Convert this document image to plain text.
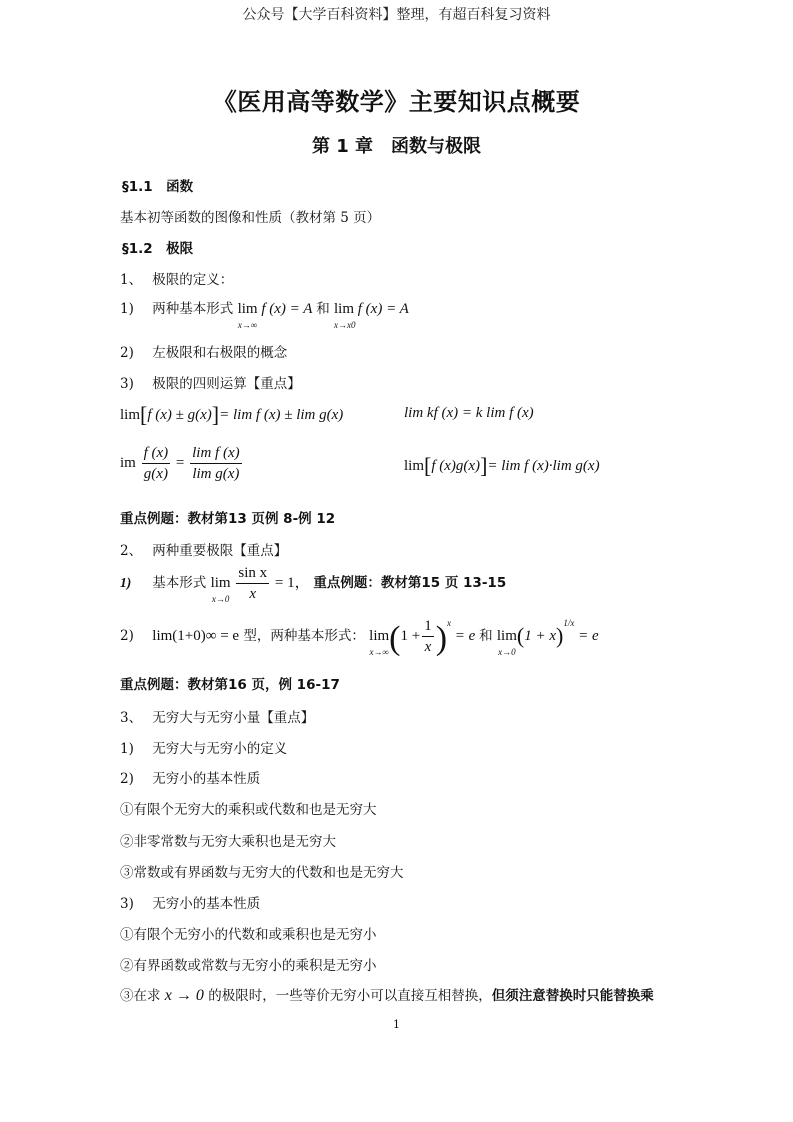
公众号【大学百科资料】整理，有超百科复习资料
《医用高等数学》主要知识点概要
第 1 章　函数与极限
§1.1　函数
基本初等函数的图像和性质（教材第 5 页）
§1.2　极限
1、 极限的定义：
1) 两种基本形式 lim
x→∞
f (x) = A 和 lim
x→x0
f (x) = A
2) 左极限和右极限的概念
3) 极限的四则运算【重点】
lim[f (x) ± g(x)]= lim f (x) ± lim g(x)	lim kf (x) = k lim f (x)
im $\frac{f (x)}{g(x)} = \frac{\text{lim f (x)}}{\text{lim g(x)}}$	lim[f (x)g(x)]= lim f (x)·lim g(x)
重点例题：教材第13 页例 8-例 12
2、 两种重要极限【重点】
1) 基本形式 lim
x→0
$\frac{\text{sin x}}{x} = 1$， 重点例题：教材第15 页 13-15
2) lim(1+0)∞ = e 型，两种基本形式： lim
x→∞ $(1 + \frac{1}{x} )^x = e$ 和 lim
x→0
$(1 + x)^{1/x} = e$
重点例题：教材第16 页，例 16-17
3、 无穷大与无穷小量【重点】
1) 无穷大与无穷小的定义
2) 无穷小的基本性质
①有限个无穷大的乘积或代数和也是无穷大
②非零常数与无穷大乘积也是无穷大
③常数或有界函数与无穷大的代数和也是无穷大
3) 无穷小的基本性质
①有限个无穷小的代数和或乘积也是无穷小
②有界函数或常数与无穷小的乘积是无穷小
③在求 x → 0 的极限时，一些等价无穷小可以直接互相替换，但须注意替换时只能替换乘
1
